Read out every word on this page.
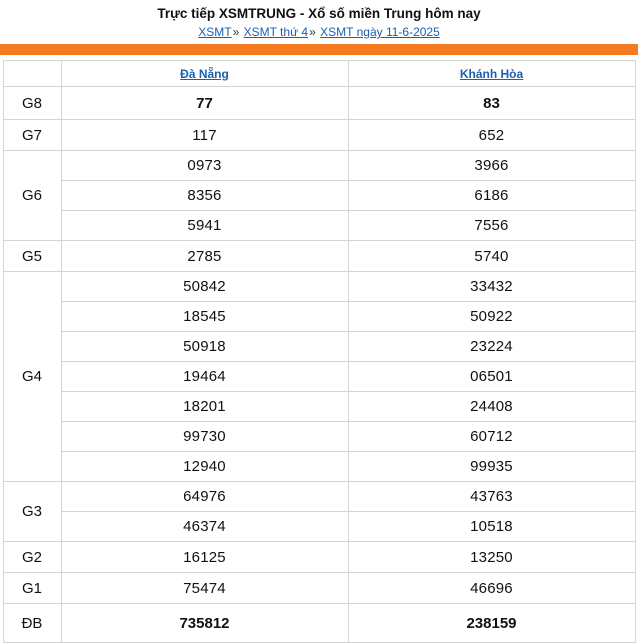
Trực tiếp XSMTRUNG - Xổ số miền Trung hôm nay
XSMT» XSMT thứ 4» XSMT ngày 11-6-2025
	Đà Nẵng	Khánh Hòa
G8	77	83
G7	117	652
G6	0973	3966
	8356	6186
	5941	7556
G5	2785	5740
G4	50842	33432
	18545	50922
	50918	23224
	19464	06501
	18201	24408
	99730	60712
	12940	99935
G3	64976	43763
	46374	10518
G2	16125	13250
G1	75474	46696
ĐB	735812	238159
